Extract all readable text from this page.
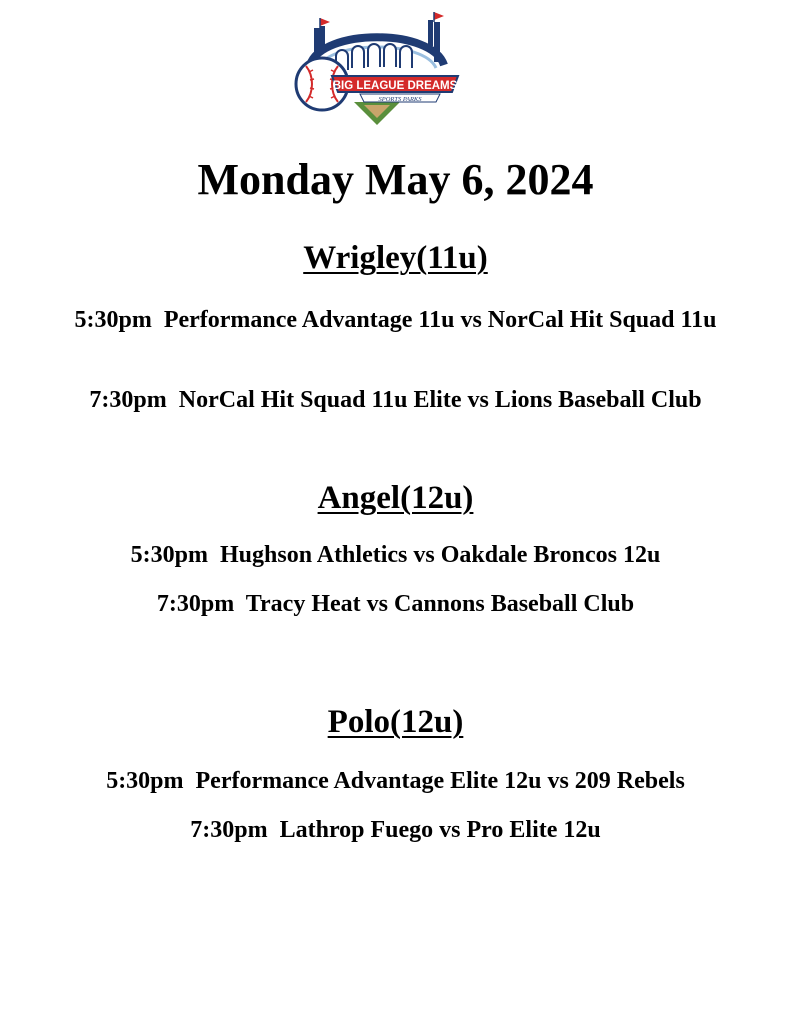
BIG LEAGUE DREAMS
SPORTS PARKS
Monday May 6, 2024
Wrigley(11u)

5:30pm  Performance Advantage 11u vs NorCal Hit Squad 11u

7:30pm  NorCal Hit Squad 11u Elite vs Lions Baseball Club

Angel(12u)

5:30pm  Hughson Athletics vs Oakdale Broncos 12u

7:30pm  Tracy Heat vs Cannons Baseball Club

Polo(12u)

5:30pm  Performance Advantage Elite 12u vs 209 Rebels

7:30pm  Lathrop Fuego vs Pro Elite 12u
